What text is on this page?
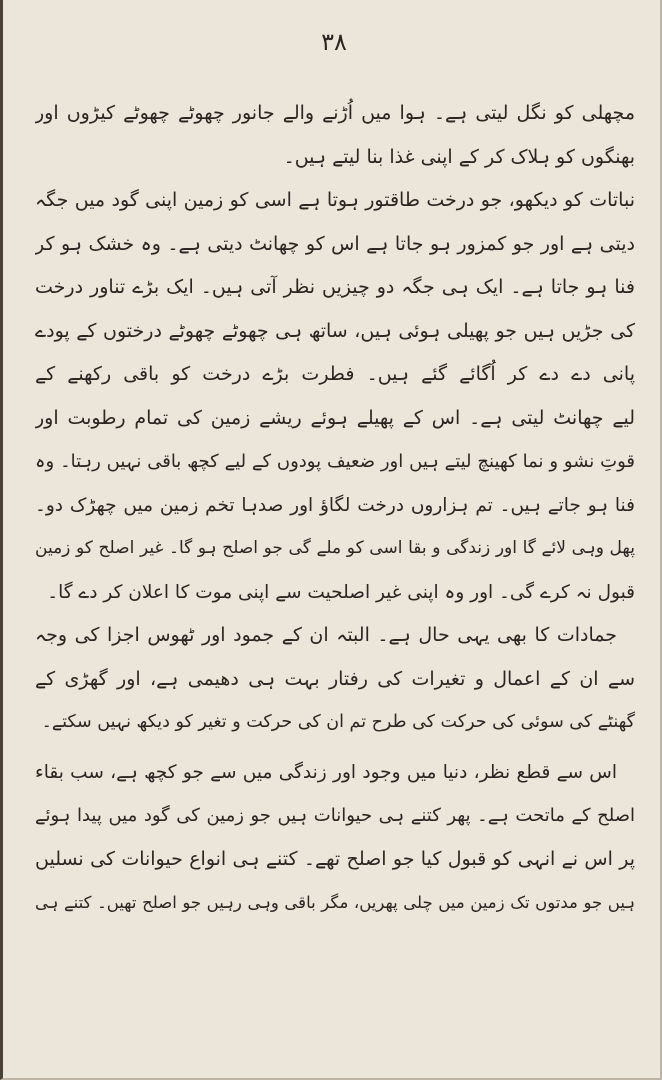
۳۸
مچھلی کو نگل لیتی ہے۔ ہوا میں اُڑنے والے جانور چھوٹے چھوٹے کیڑوں اور
بھنگوں کو ہلاک کر کے اپنی غذا بنا لیتے ہیں۔
نباتات کو دیکھو، جو درخت طاقتور ہوتا ہے اسی کو زمین اپنی گود میں جگہ
دیتی ہے اور جو کمزور ہو جاتا ہے اس کو چھانٹ دیتی ہے۔ وہ خشک ہو کر
فنا ہو جاتا ہے۔ ایک ہی جگہ دو چیزیں نظر آتی ہیں۔ ایک بڑے تناور درخت
کی جڑیں ہیں جو پھیلی ہوئی ہیں، ساتھ ہی چھوٹے چھوٹے درختوں کے پودے
پانی دے دے کر اُگائے گئے ہیں۔ فطرت بڑے درخت کو باقی رکھنے کے
لیے چھانٹ لیتی ہے۔ اس کے پھیلے ہوئے ریشے زمین کی تمام رطوبت اور
قوتِ نشو و نما کھینچ لیتے ہیں اور ضعیف پودوں کے لیے کچھ باقی نہیں رہتا۔ وہ
فنا ہو جاتے ہیں۔ تم ہزاروں درخت لگاؤ اور صدہا تخم زمین میں چھڑک دو۔
پھل وہی لائے گا اور زندگی و بقا اسی کو ملے گی جو اصلح ہو گا۔ غیر اصلح کو زمین
قبول نہ کرے گی۔ اور وہ اپنی غیر اصلحیت سے اپنی موت کا اعلان کر دے گا۔
جمادات کا بھی یہی حال ہے۔ البتہ ان کے جمود اور ٹھوس اجزا کی وجہ
سے ان کے اعمال و تغیرات کی رفتار بہت ہی دھیمی ہے، اور گھڑی کے
گھنٹے کی سوئی کی حرکت کی طرح تم ان کی حرکت و تغیر کو دیکھ نہیں سکتے۔
اس سے قطع نظر، دنیا میں وجود اور زندگی میں سے جو کچھ ہے، سب بقاء
اصلح کے ماتحت ہے۔ پھر کتنے ہی حیوانات ہیں جو زمین کی گود میں پیدا ہوئے
پر اس نے انہی کو قبول کیا جو اصلح تھے۔ کتنے ہی انواع حیوانات کی نسلیں
ہیں جو مدتوں تک زمین میں چلی پھریں، مگر باقی وہی رہیں جو اصلح تھیں۔ کتنے ہی
